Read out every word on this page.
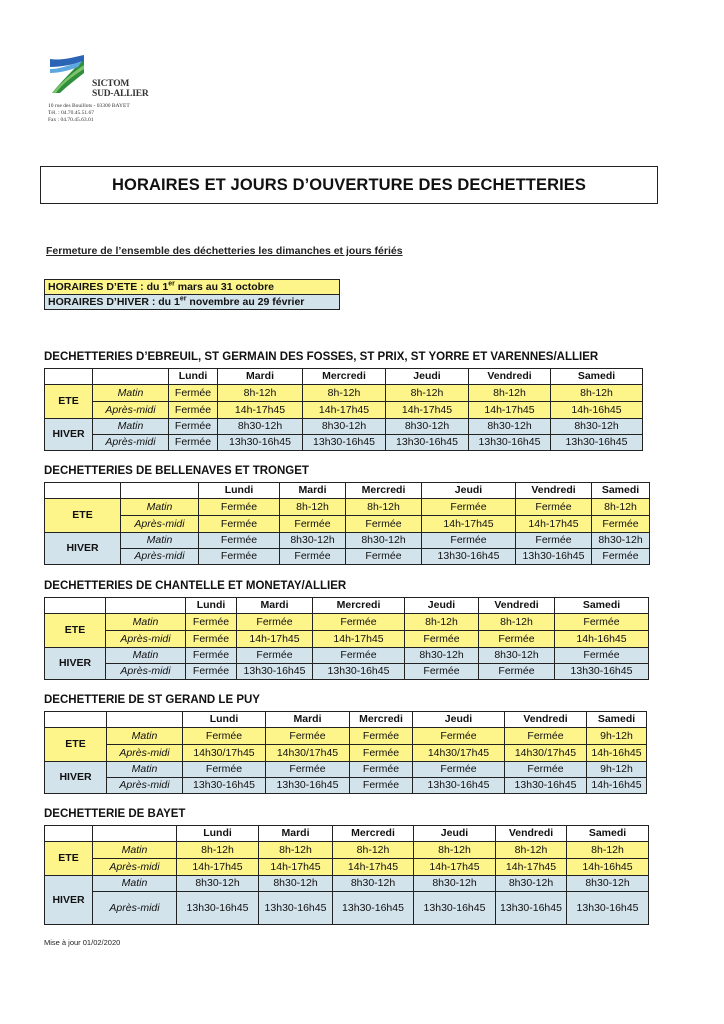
SICTOM
SUD-ALLIER
10 rue des Bouillots - 03300 BAYET
Tél. : 04.70.45.51.67
Fax : 04.70.45.63.01
HORAIRES ET JOURS D’OUVERTURE DES DECHETTERIES
Fermeture de l’ensemble des déchetteries les dimanches et jours fériés
HORAIRES D’ETE : du 1er mars au 31 octobre
HORAIRES D’HIVER : du 1er novembre au 29 février
DECHETTERIES D’EBREUIL, ST GERMAIN DES FOSSES, ST PRIX, ST YORRE ET VARENNES/ALLIER
		Lundi	Mardi	Mercredi	Jeudi	Vendredi	Samedi
ETE	Matin	Fermée	8h-12h	8h-12h	8h-12h	8h-12h	8h-12h
	Après-midi	Fermée	14h-17h45	14h-17h45	14h-17h45	14h-17h45	14h-16h45
HIVER	Matin	Fermée	8h30-12h	8h30-12h	8h30-12h	8h30-12h	8h30-12h
	Après-midi	Fermée	13h30-16h45	13h30-16h45	13h30-16h45	13h30-16h45	13h30-16h45
DECHETTERIES DE BELLENAVES ET TRONGET
		Lundi	Mardi	Mercredi	Jeudi	Vendredi	Samedi
ETE	Matin	Fermée	8h-12h	8h-12h	Fermée	Fermée	8h-12h
	Après-midi	Fermée	Fermée	Fermée	14h-17h45	14h-17h45	Fermée
HIVER	Matin	Fermée	8h30-12h	8h30-12h	Fermée	Fermée	8h30-12h
	Après-midi	Fermée	Fermée	Fermée	13h30-16h45	13h30-16h45	Fermée
DECHETTERIES DE CHANTELLE ET MONETAY/ALLIER
		Lundi	Mardi	Mercredi	Jeudi	Vendredi	Samedi
ETE	Matin	Fermée	Fermée	Fermée	8h-12h	8h-12h	Fermée
	Après-midi	Fermée	14h-17h45	14h-17h45	Fermée	Fermée	14h-16h45
HIVER	Matin	Fermée	Fermée	Fermée	8h30-12h	8h30-12h	Fermée
	Après-midi	Fermée	13h30-16h45	13h30-16h45	Fermée	Fermée	13h30-16h45
DECHETTERIE DE ST GERAND LE PUY
		Lundi	Mardi	Mercredi	Jeudi	Vendredi	Samedi
ETE	Matin	Fermée	Fermée	Fermée	Fermée	Fermée	9h-12h
	Après-midi	14h30/17h45	14h30/17h45	Fermée	14h30/17h45	14h30/17h45	14h-16h45
HIVER	Matin	Fermée	Fermée	Fermée	Fermée	Fermée	9h-12h
	Après-midi	13h30-16h45	13h30-16h45	Fermée	13h30-16h45	13h30-16h45	14h-16h45
DECHETTERIE DE BAYET
		Lundi	Mardi	Mercredi	Jeudi	Vendredi	Samedi
ETE	Matin	8h-12h	8h-12h	8h-12h	8h-12h	8h-12h	8h-12h
	Après-midi	14h-17h45	14h-17h45	14h-17h45	14h-17h45	14h-17h45	14h-16h45
HIVER	Matin	8h30-12h	8h30-12h	8h30-12h	8h30-12h	8h30-12h	8h30-12h
	Après-midi	13h30-16h45	13h30-16h45	13h30-16h45	13h30-16h45	13h30-16h45	13h30-16h45
Mise à jour 01/02/2020
